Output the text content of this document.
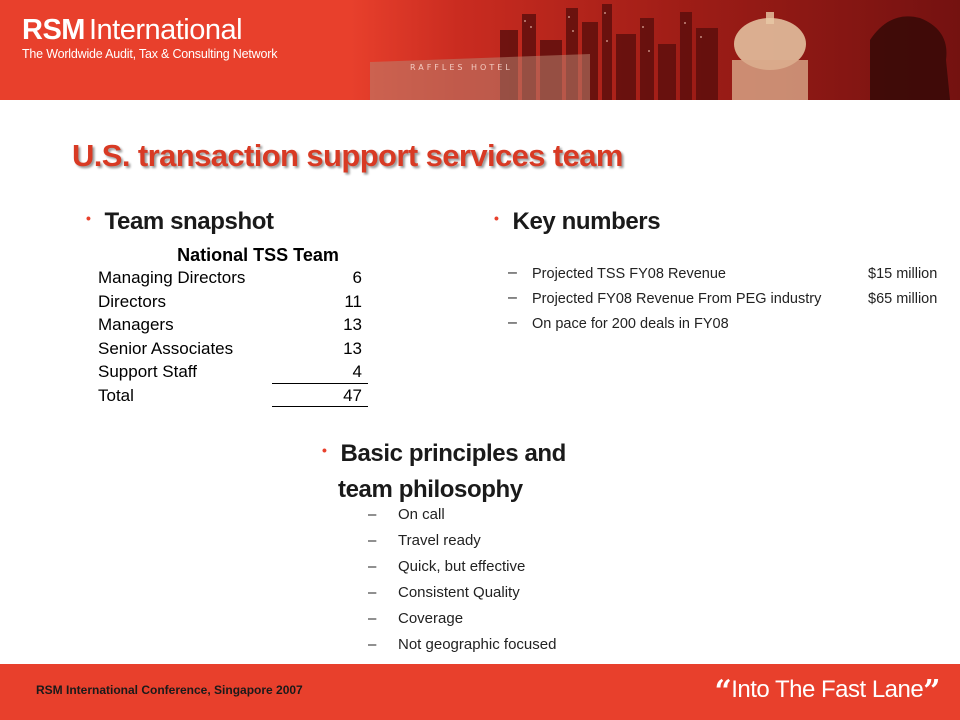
RAFFLES HOTEL
RSM International
The Worldwide Audit, Tax & Consulting Network
U.S. transaction support services team
• Team snapshot
National TSS Team
Managing Directors	6
Directors	11
Managers	13
Senior Associates	13
Support Staff	4
Total	47
• Key numbers
– Projected TSS FY08 Revenue	$15 million
– Projected FY08 Revenue From PEG industry	$65 million
– On pace for 200 deals in FY08
• Basic principles and
team philosophy
– On call
– Travel ready
– Quick, but effective
– Consistent Quality
– Coverage
– Not geographic focused
RSM International Conference, Singapore 2007	“Into The Fast Lane”
